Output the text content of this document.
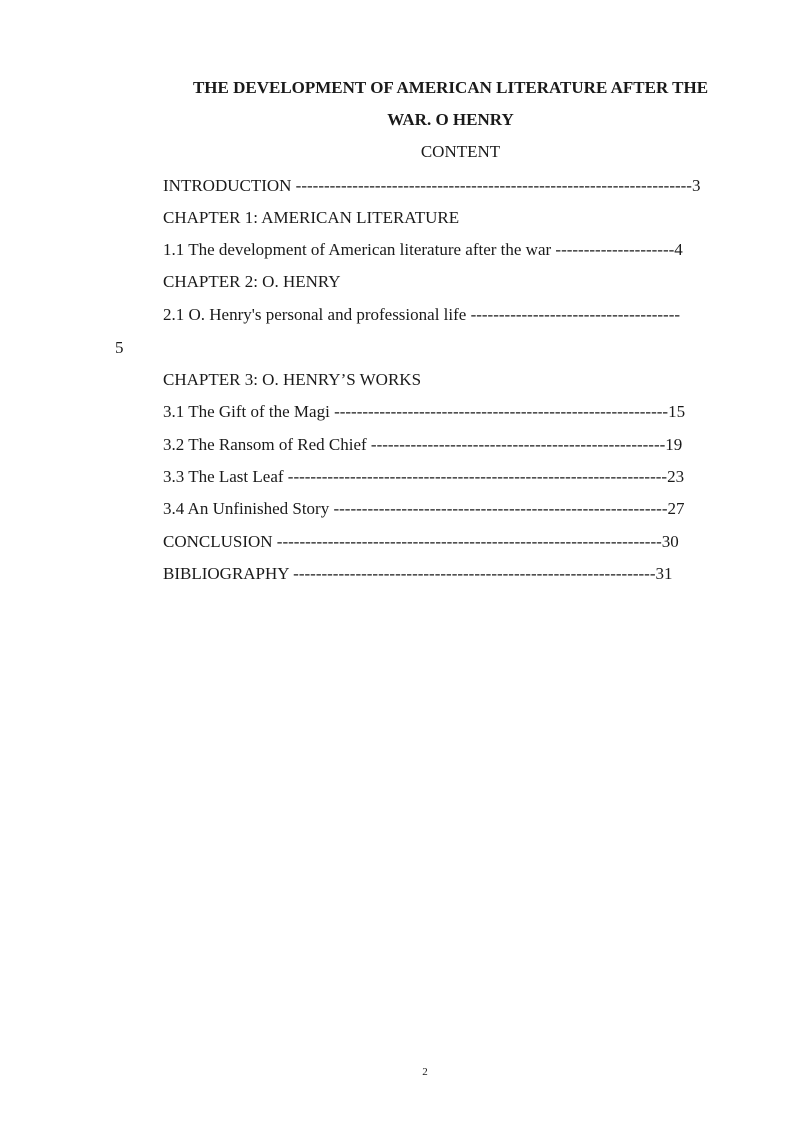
THE DEVELOPMENT OF AMERICAN LITERATURE AFTER THE
WAR. O HENRY
CONTENT
INTRODUCTION ----------------------------------------------------------------------3
CHAPTER 1: AMERICAN LITERATURE
1.1 The development of American literature after the war ---------------------4
CHAPTER 2: O. HENRY
2.1 O. Henry's personal and professional life -------------------------------------
CHAPTER 3: O. HENRY’S WORKS
3.1 The Gift of the Magi -----------------------------------------------------------15
3.2 The Ransom of Red Chief ----------------------------------------------------19
3.3 The Last Leaf -------------------------------------------------------------------23
3.4 An Unfinished Story -----------------------------------------------------------27
CONCLUSION --------------------------------------------------------------------30
BIBLIOGRAPHY ----------------------------------------------------------------31
5
2
